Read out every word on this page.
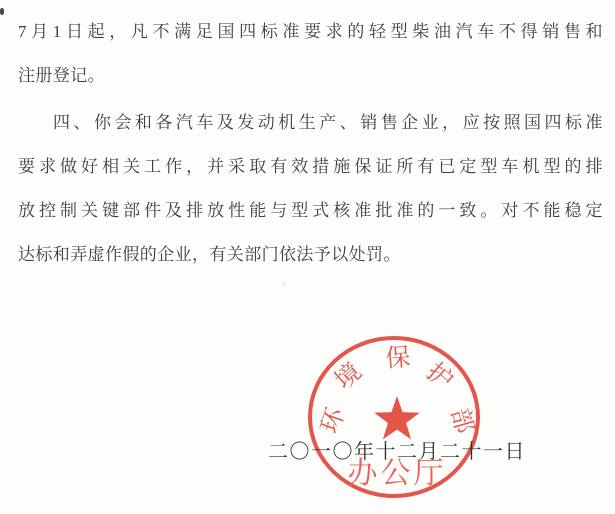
7月1日起，凡不满足国四标准要求的轻型柴油汽车不得销售和
注册登记。
四、你会和各汽车及发动机生产、销售企业，应按照国四标准
要求做好相关工作，并采取有效措施保证所有已定型车机型的排
放控制关键部件及排放性能与型式核准批准的一致。对不能稳定
达标和弄虚作假的企业，有关部门依法予以处罚。
环
境 保 护
部
办公厅
二〇一〇年十二月二十一日
